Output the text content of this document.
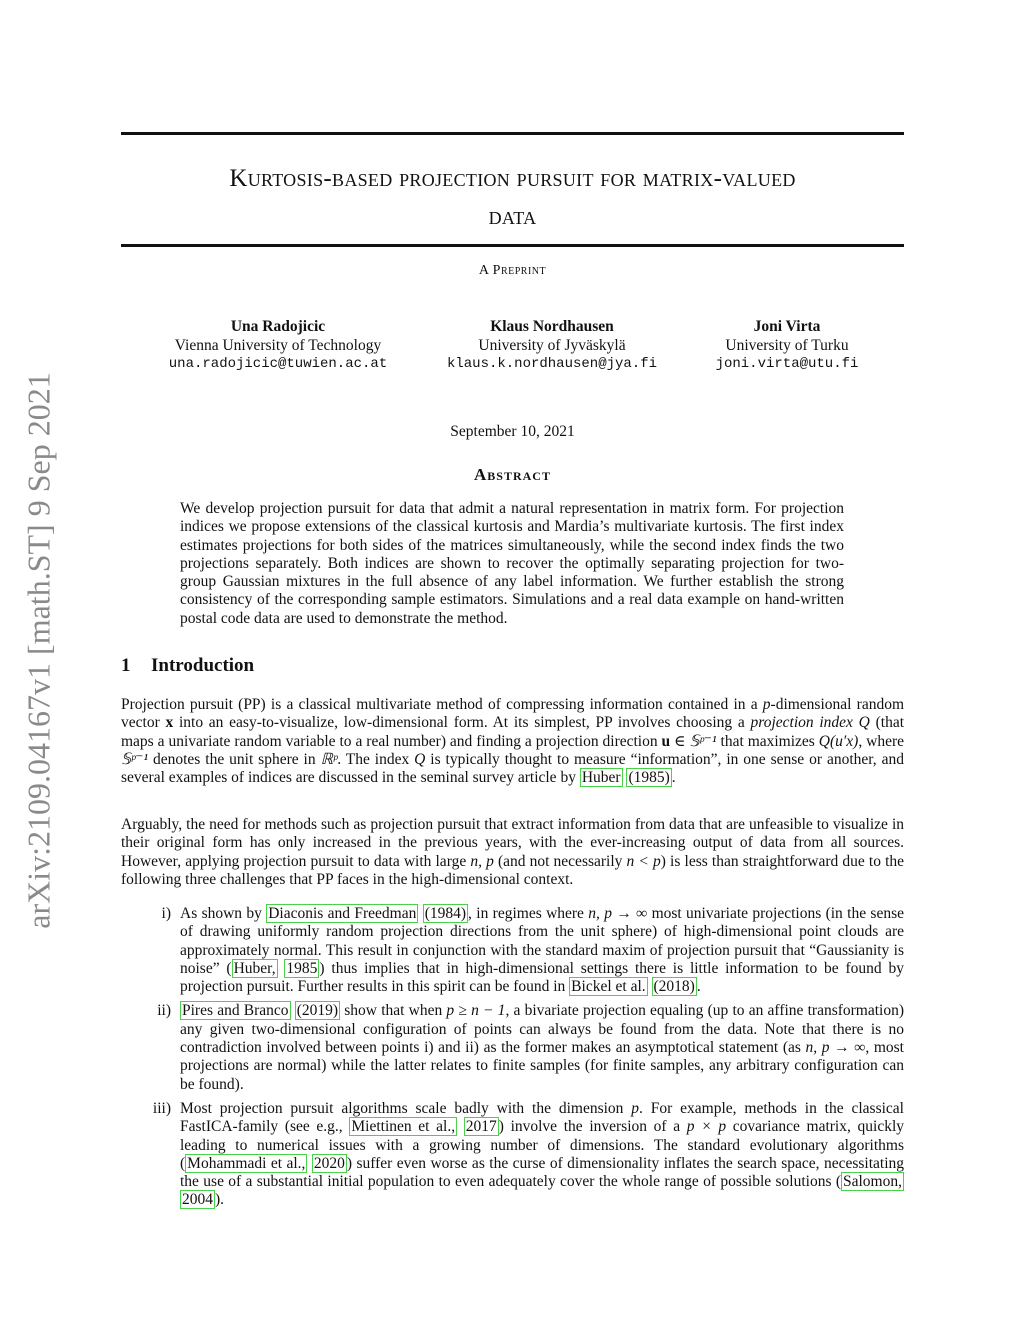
arXiv:2109.04167v1 [math.ST] 9 Sep 2021
Kurtosis-based projection pursuit for matrix-valued
data
A Preprint
Una Radojicic
Vienna University of Technology
una.radojicic@tuwien.ac.at
Klaus Nordhausen
University of Jyväskylä
klaus.k.nordhausen@jya.fi
Joni Virta
University of Turku
joni.virta@utu.fi
September 10, 2021
Abstract
We develop projection pursuit for data that admit a natural representation in matrix form. For projection indices we propose extensions of the classical kurtosis and Mardia’s multivariate kurtosis. The first index estimates projections for both sides of the matrices simultaneously, while the second index finds the two projections separately. Both indices are shown to recover the optimally separating projection for two-group Gaussian mixtures in the full absence of any label information. We further establish the strong consistency of the corresponding sample estimators. Simulations and a real data example on hand-written postal code data are used to demonstrate the method.
1 Introduction

Projection pursuit (PP) is a classical multivariate method of compressing information contained in a p-dimensional random vector x into an easy-to-visualize, low-dimensional form. At its simplest, PP involves choosing a projection index Q (that maps a univariate random variable to a real number) and finding a projection direction u ∈ 𝕊ᵖ⁻¹ that maximizes Q(u′x), where 𝕊ᵖ⁻¹ denotes the unit sphere in ℝᵖ. The index Q is typically thought to measure “information”, in one sense or another, and several examples of indices are discussed in the seminal survey article by Huber (1985) .

Arguably, the need for methods such as projection pursuit that extract information from data that are unfeasible to visualize in their original form has only increased in the previous years, with the ever-increasing output of data from all sources. However, applying projection pursuit to data with large n, p (and not necessarily n < p) is less than straightforward due to the following three challenges that PP faces in the high-dimensional context.

i) As shown by Diaconis and Freedman (1984) , in regimes where n, p → ∞ most univariate projections (in the sense of drawing uniformly random projection directions from the unit sphere) of high-dimensional point clouds are approximately normal. This result in conjunction with the standard maxim of projection pursuit that “Gaussianity is noise” ( Huber, 1985 ) thus implies that in high-dimensional settings there is little information to be found by projection pursuit. Further results in this spirit can be found in Bickel et al. (2018) .
ii) Pires and Branco (2019) show that when p ≥ n − 1, a bivariate projection equaling (up to an affine transformation) any given two-dimensional configuration of points can always be found from the data. Note that there is no contradiction involved between points i) and ii) as the former makes an asymptotical statement (as n, p → ∞, most projections are normal) while the latter relates to finite samples (for finite samples, any arbitrary configuration can be found).
iii) Most projection pursuit algorithms scale badly with the dimension p. For example, methods in the classical FastICA-family (see e.g., Miettinen et al., 2017 ) involve the inversion of a p × p covariance matrix, quickly leading to numerical issues with a growing number of dimensions. The standard evolutionary algorithms ( Mohammadi et al., 2020 ) suffer even worse as the curse of dimensionality inflates the search space, necessitating the use of a substantial initial population to even adequately cover the whole range of possible solutions ( Salomon, 2004 ).
